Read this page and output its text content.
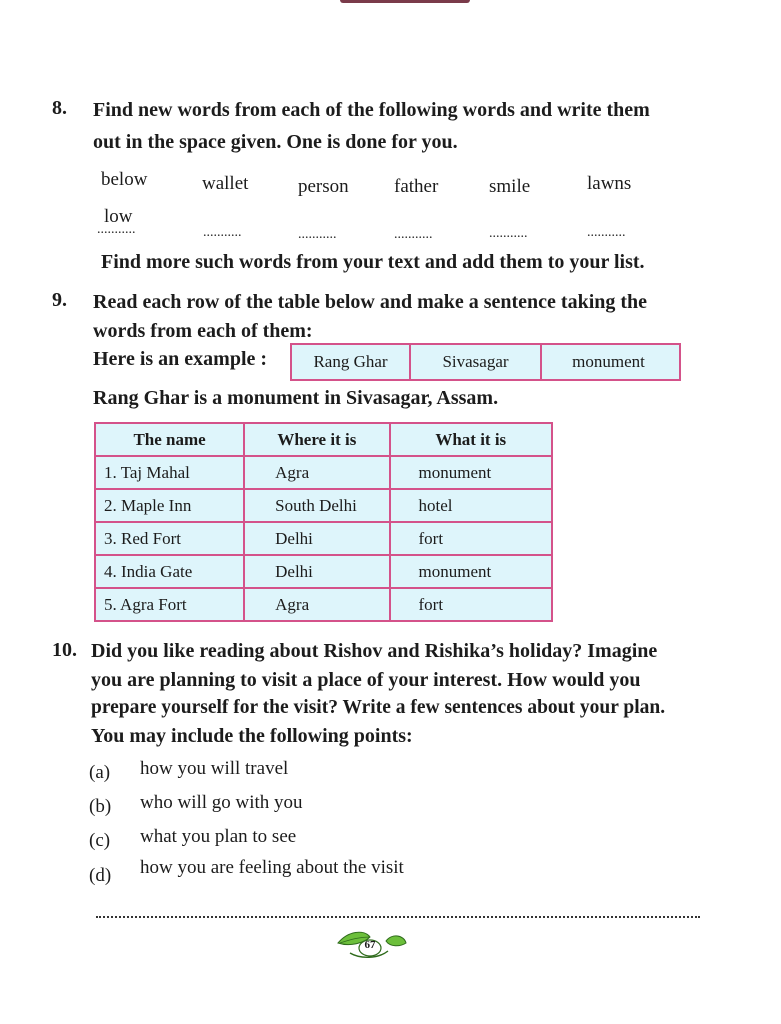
8. Find new words from each of the following words and write them
out in the space given. One is done for you.
below	wallet	person father	smile	lawns
low
...........	...........	...........	...........	...........	...........
Find more such words from your text and add them to your list.
9. Read each row of the table below and make a sentence taking the
words from each of them:
Here is an example :	Rang Ghar	Sivasagar	monument
Rang Ghar is a monument in Sivasagar, Assam.
The name	Where it is	What it is
1. Taj Mahal	Agra	monument
2. Maple Inn	South Delhi	hotel
3. Red Fort	Delhi	fort
4. India Gate	Delhi	monument
5. Agra Fort	Agra	fort
10. Did you like reading about Rishov and Rishika’s holiday? Imagine
you are planning to visit a place of your interest. How would you
prepare yourself for the visit? Write a few sentences about your plan.
You may include the following points:
(a) how you will travel
(b) who will go with you
(c) what you plan to see
(d) how you are feeling about the visit
67
